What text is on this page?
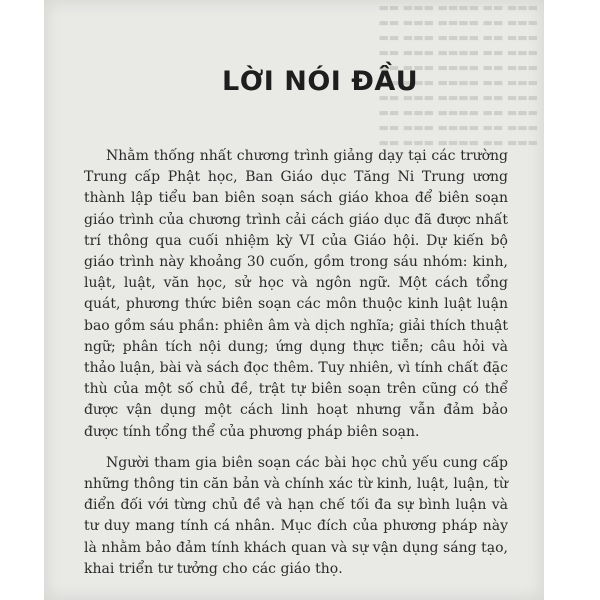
▬▬▬ ▬▬ ▬▬▬▬ ▬▬▬ ▬▬
▬▬▬ ▬▬ ▬▬▬▬ ▬▬▬ ▬▬
▬▬▬ ▬▬ ▬▬▬▬ ▬▬▬ ▬▬
▬▬▬ ▬▬ ▬▬▬▬ ▬▬▬ ▬▬
▬▬▬ ▬▬ ▬▬▬▬ ▬▬▬ ▬▬
▬▬▬ ▬▬ ▬▬▬▬ ▬▬▬ ▬▬
▬▬▬ ▬▬ ▬▬▬▬ ▬▬▬ ▬▬
▬▬▬ ▬▬ ▬▬▬▬ ▬▬▬ ▬▬
▬▬▬ ▬▬ ▬▬▬▬ ▬▬▬ ▬▬
▬▬▬ ▬▬ ▬▬▬▬ ▬▬▬ ▬▬

LỜI NÓI ĐẦU

Nhằm thống nhất chương trình giảng dạy tại các trường Trung cấp Phật học, Ban Giáo dục Tăng Ni Trung ương thành lập tiểu ban biên soạn sách giáo khoa để biên soạn giáo trình của chương trình cải cách giáo dục đã được nhất trí thông qua cuối nhiệm kỳ VI của Giáo hội. Dự kiến bộ giáo trình này khoảng 30 cuốn, gồm trong sáu nhóm: kinh, luật, luật, văn học, sử học và ngôn ngữ. Một cách tổng quát, phương thức biên soạn các môn thuộc kinh luật luận bao gồm sáu phần: phiên âm và dịch nghĩa; giải thích thuật ngữ; phân tích nội dung; ứng dụng thực tiễn; câu hỏi và thảo luận, bài và sách đọc thêm. Tuy nhiên, vì tính chất đặc thù của một số chủ đề, trật tự biên soạn trên cũng có thể được vận dụng một cách linh hoạt nhưng vẫn đảm bảo được tính tổng thể của phương pháp biên soạn.

Người tham gia biên soạn các bài học chủ yếu cung cấp những thông tin căn bản và chính xác từ kinh, luật, luận, từ điển đối với từng chủ đề và hạn chế tối đa sự bình luận và tư duy mang tính cá nhân. Mục đích của phương pháp này là nhằm bảo đảm tính khách quan và sự vận dụng sáng tạo, khai triển tư tưởng cho các giáo thọ.
